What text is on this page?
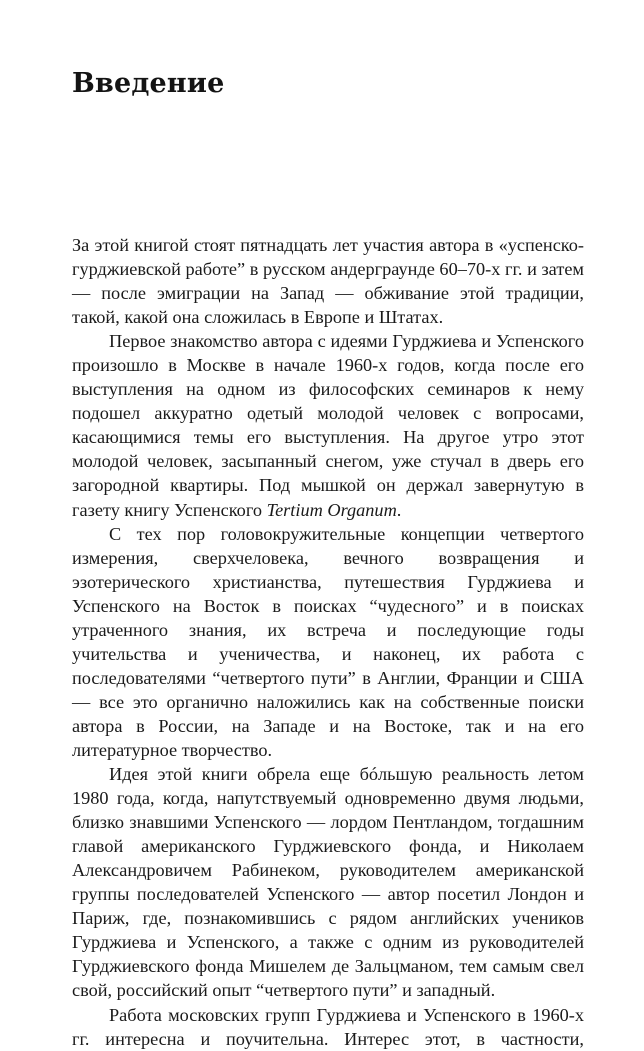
Введение

За этой книгой стоят пятнадцать лет участия автора в «успенско-гурджиевской работе” в русском андерграунде 60–70-х гг. и затем — после эмиграции на Запад — обживание этой традиции, такой, какой она сложилась в Европе и Штатах.

Первое знакомство автора с идеями Гурджиева и Успенского произошло в Москве в начале 1960-х годов, когда после его выступления на одном из философских семинаров к нему подошел аккуратно одетый молодой человек с вопросами, касающимися темы его выступления. На другое утро этот молодой человек, засыпанный снегом, уже стучал в дверь его загородной квартиры. Под мышкой он держал завернутую в газету книгу Успенского Tertium Organum.

С тех пор головокружительные концепции четвертого измерения, сверхчеловека, вечного возвращения и эзотерического христианства, путешествия Гурджиева и Успенского на Восток в поисках “чудесного” и в поисках утраченного знания, их встреча и последующие годы учительства и ученичества, и наконец, их работа с последователями “четвертого пути” в Англии, Франции и США — все это органично наложились как на собственные поиски автора в России, на Западе и на Востоке, так и на его литературное творчество.

Идея этой книги обрела еще бóльшую реальность летом 1980 года, когда, напутствуемый одновременно двумя людьми, близко знавшими Успенского — лордом Пентландом, тогдашним главой американского Гурджиевского фонда, и Николаем Александровичем Рабинеком, руководителем американской группы последователей Успенского — автор посетил Лондон и Париж, где, познакомившись с рядом английских учеников Гурджиева и Успенского, а также с одним из руководителей Гурджиевского фонда Мишелем де Зальцманом, тем самым свел свой, российский опыт “четвертого пути” и западный.

Работа московских групп Гурджиева и Успенского в 1960-х гг. интересна и поучительна. Интерес этот, в частности,
